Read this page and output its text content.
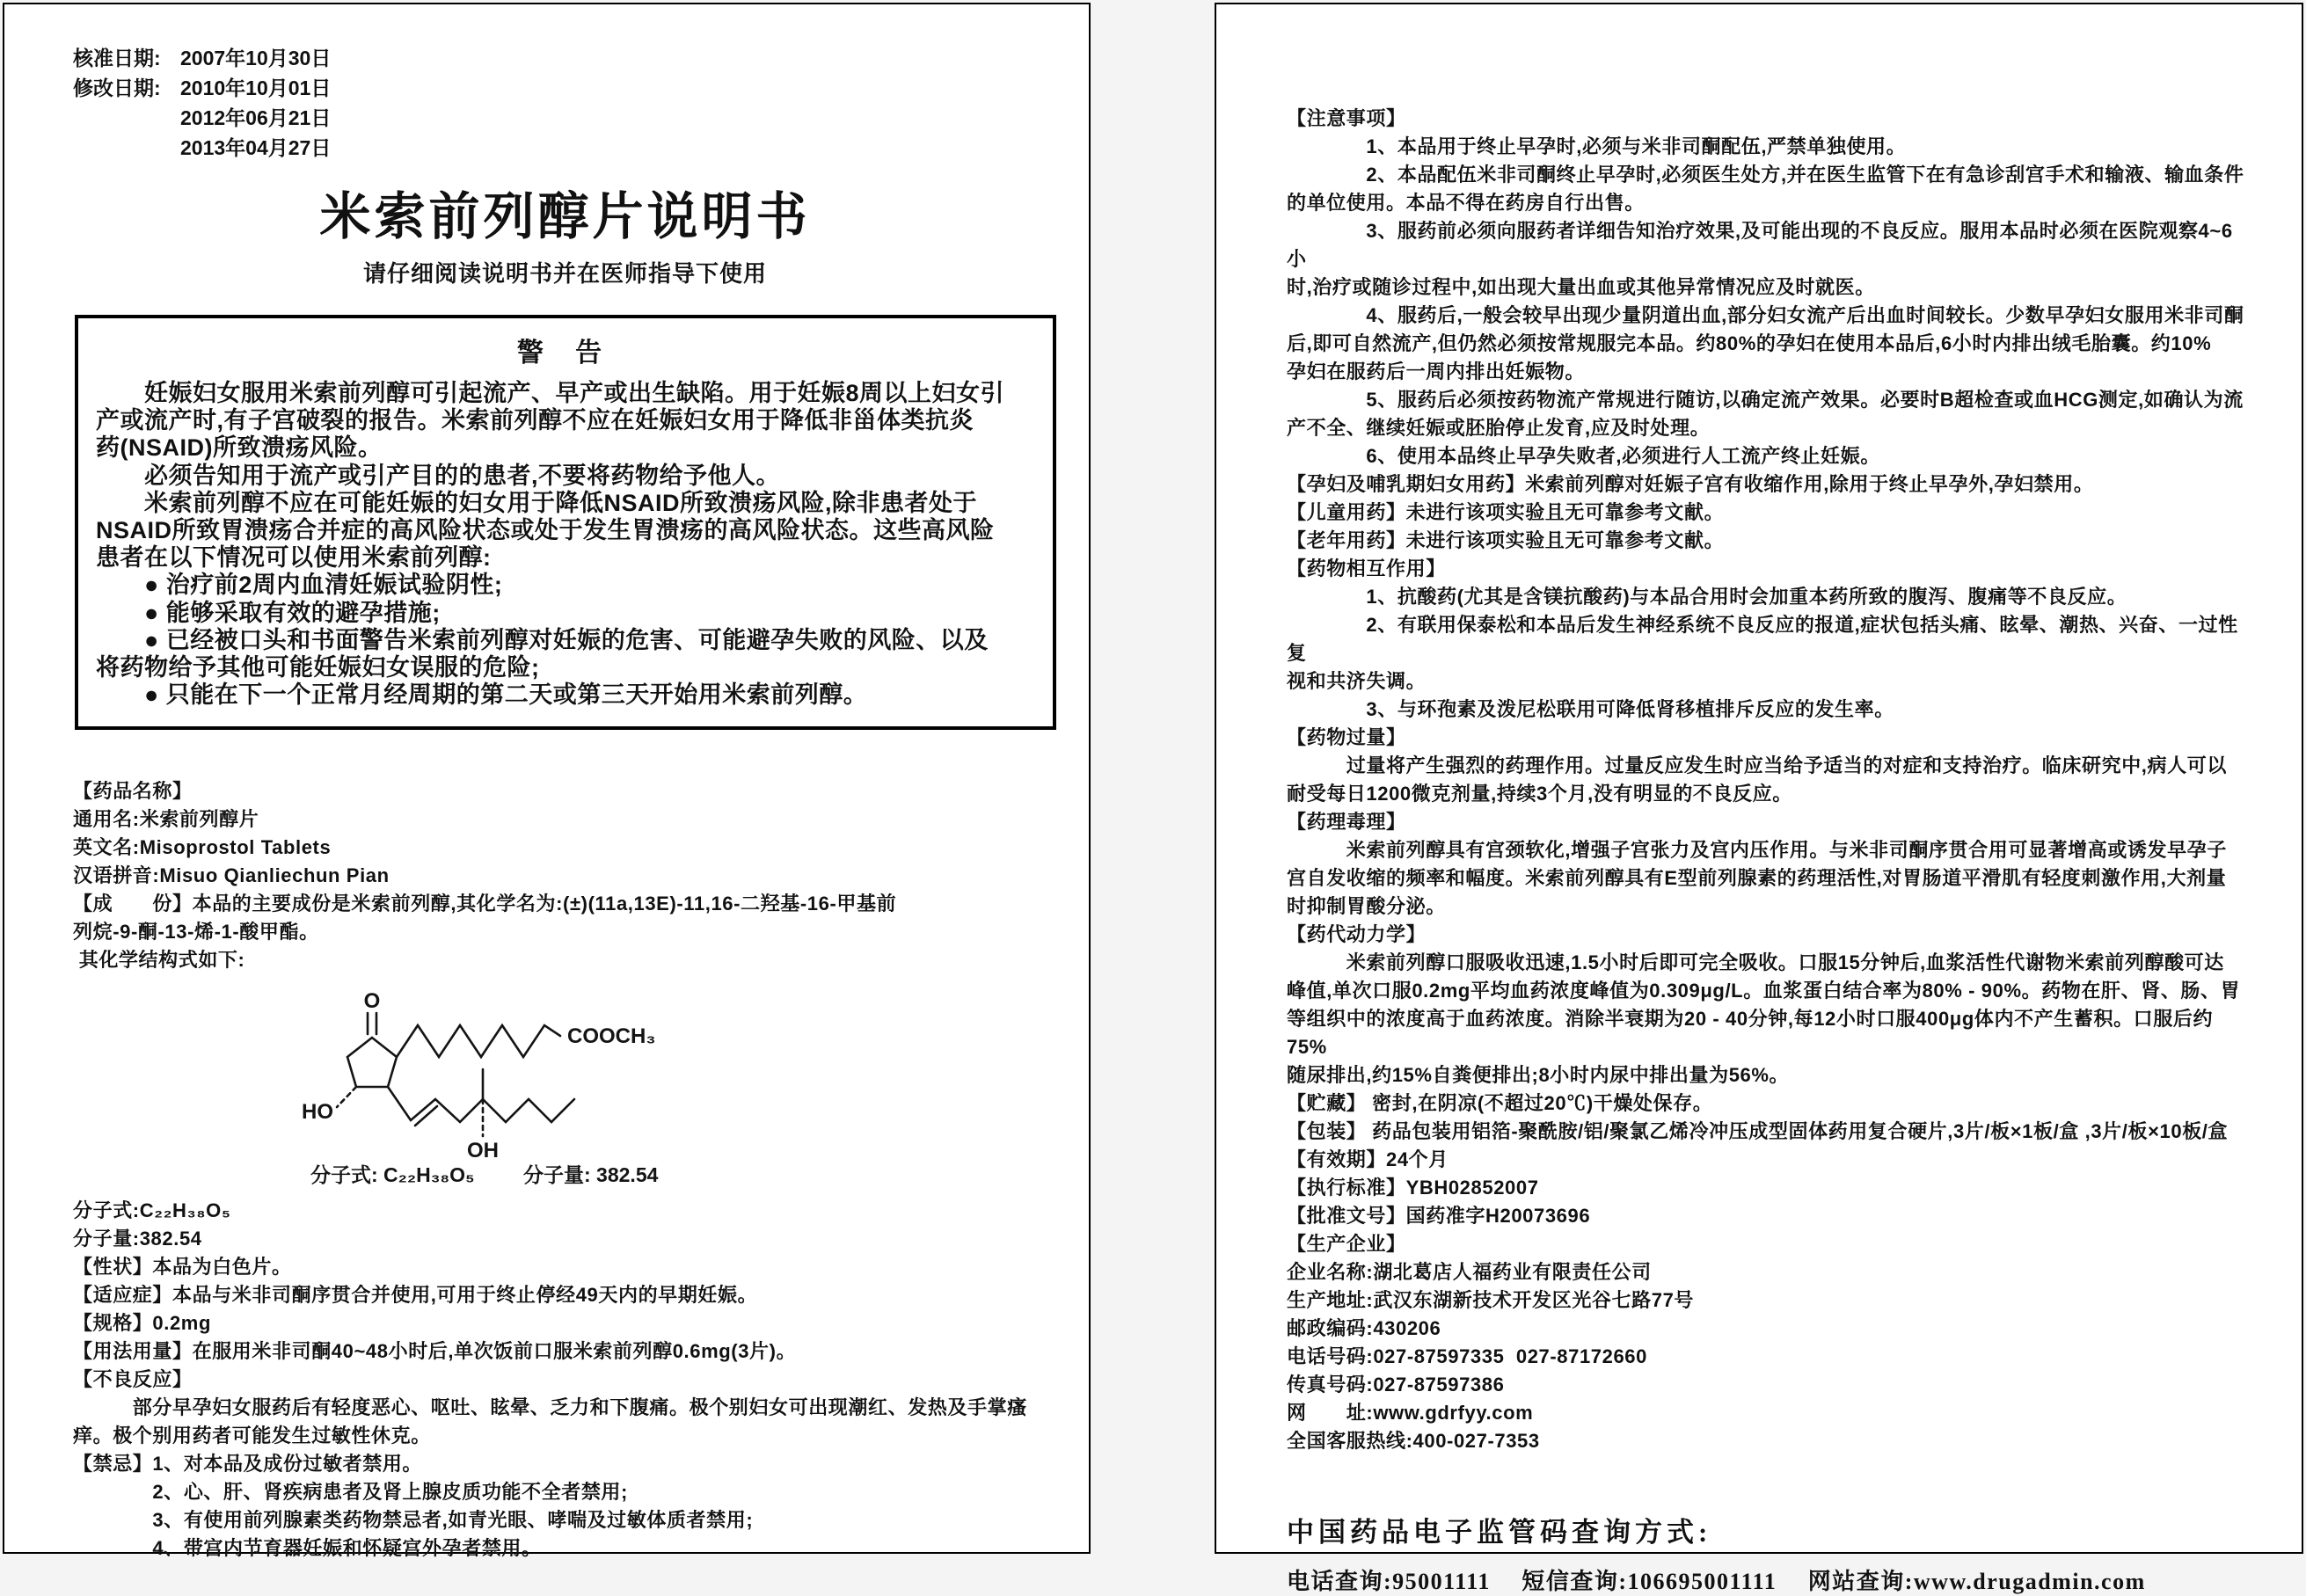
核准日期: 2007年10月30日
修改日期: 2010年10月01日
2012年06月21日
2013年04月27日
米索前列醇片说明书
请仔细阅读说明书并在医师指导下使用
警 告
　　妊娠妇女服用米索前列醇可引起流产、早产或出生缺陷。用于妊娠8周以上妇女引
产或流产时,有子宫破裂的报告。米索前列醇不应在妊娠妇女用于降低非甾体类抗炎
药(NSAID)所致溃疡风险。
　　必须告知用于流产或引产目的的患者,不要将药物给予他人。
　　米索前列醇不应在可能妊娠的妇女用于降低NSAID所致溃疡风险,除非患者处于
NSAID所致胃溃疡合并症的高风险状态或处于发生胃溃疡的高风险状态。这些高风险
患者在以下情况可以使用米索前列醇:
　　● 治疗前2周内血清妊娠试验阴性;
　　● 能够采取有效的避孕措施;
　　● 已经被口头和书面警告米索前列醇对妊娠的危害、可能避孕失败的风险、以及
将药物给予其他可能妊娠妇女误服的危险;
　　● 只能在下一个正常月经周期的第二天或第三天开始用米索前列醇。
【药品名称】
通用名:米索前列醇片
英文名:Misoprostol Tablets
汉语拼音:Misuo Qianliechun Pian
【成　　份】本品的主要成份是米索前列醇,其化学名为:(±)(11a,13E)-11,16-二羟基-16-甲基前
列烷-9-酮-13-烯-1-酸甲酯。
其化学结构式如下:
O
COOCH₃
HO
OH
分子式: C₂₂H₃₈O₅ 分子量: 382.54
分子式:C₂₂H₃₈O₅
分子量:382.54
【性状】本品为白色片。
【适应症】本品与米非司酮序贯合并使用,可用于终止停经49天内的早期妊娠。
【规格】0.2mg
【用法用量】在服用米非司酮40~48小时后,单次饭前口服米索前列醇0.6mg(3片)。
【不良反应】
　　　部分早孕妇女服药后有轻度恶心、呕吐、眩晕、乏力和下腹痛。极个别妇女可出现潮红、发热及手掌瘙
痒。极个别用药者可能发生过敏性休克。
【禁忌】1、对本品及成份过敏者禁用。
　　　　2、心、肝、肾疾病患者及肾上腺皮质功能不全者禁用;
　　　　3、有使用前列腺素类药物禁忌者,如青光眼、哮喘及过敏体质者禁用;
　　　　4、带宫内节育器妊娠和怀疑宫外孕者禁用。
【注意事项】
　　　　1、本品用于终止早孕时,必须与米非司酮配伍,严禁单独使用。
　　　　2、本品配伍米非司酮终止早孕时,必须医生处方,并在医生监管下在有急诊刮宫手术和输液、输血条件
的单位使用。本品不得在药房自行出售。
　　　　3、服药前必须向服药者详细告知治疗效果,及可能出现的不良反应。服用本品时必须在医院观察4~6小
时,治疗或随诊过程中,如出现大量出血或其他异常情况应及时就医。
　　　　4、服药后,一般会较早出现少量阴道出血,部分妇女流产后出血时间较长。少数早孕妇女服用米非司酮
后,即可自然流产,但仍然必须按常规服完本品。约80%的孕妇在使用本品后,6小时内排出绒毛胎囊。约10%
孕妇在服药后一周内排出妊娠物。
　　　　5、服药后必须按药物流产常规进行随访,以确定流产效果。必要时B超检查或血HCG测定,如确认为流
产不全、继续妊娠或胚胎停止发育,应及时处理。
　　　　6、使用本品终止早孕失败者,必须进行人工流产终止妊娠。
【孕妇及哺乳期妇女用药】米索前列醇对妊娠子宫有收缩作用,除用于终止早孕外,孕妇禁用。
【儿童用药】未进行该项实验且无可靠参考文献。
【老年用药】未进行该项实验且无可靠参考文献。
【药物相互作用】
　　　　1、抗酸药(尤其是含镁抗酸药)与本品合用时会加重本药所致的腹泻、腹痛等不良反应。
　　　　2、有联用保泰松和本品后发生神经系统不良反应的报道,症状包括头痛、眩晕、潮热、兴奋、一过性复
视和共济失调。
　　　　3、与环孢素及泼尼松联用可降低肾移植排斥反应的发生率。
【药物过量】
　　　过量将产生强烈的药理作用。过量反应发生时应当给予适当的对症和支持治疗。临床研究中,病人可以
耐受每日1200微克剂量,持续3个月,没有明显的不良反应。
【药理毒理】
　　　米索前列醇具有宫颈软化,增强子宫张力及宫内压作用。与米非司酮序贯合用可显著增高或诱发早孕子
宫自发收缩的频率和幅度。米索前列醇具有E型前列腺素的药理活性,对胃肠道平滑肌有轻度刺激作用,大剂量
时抑制胃酸分泌。
【药代动力学】
　　　米索前列醇口服吸收迅速,1.5小时后即可完全吸收。口服15分钟后,血浆活性代谢物米索前列醇酸可达
峰值,单次口服0.2mg平均血药浓度峰值为0.309μg/L。血浆蛋白结合率为80% - 90%。药物在肝、肾、肠、胃
等组织中的浓度高于血药浓度。消除半衰期为20 - 40分钟,每12小时口服400μg体内不产生蓄积。口服后约75%
随尿排出,约15%自粪便排出;8小时内尿中排出量为56%。
【贮藏】 密封,在阴凉(不超过20℃)干燥处保存。
【包装】 药品包装用铝箔-聚酰胺/铝/聚氯乙烯冷冲压成型固体药用复合硬片,3片/板×1板/盒 ,3片/板×10板/盒
【有效期】24个月
【执行标准】YBH02852007
【批准文号】国药准字H20073696
【生产企业】
企业名称:湖北葛店人福药业有限责任公司
生产地址:武汉东湖新技术开发区光谷七路77号
邮政编码:430206
电话号码:027-87597335  027-87172660
传真号码:027-87597386
网　　址:www.gdrfyy.com
全国客服热线:400-027-7353
中国药品电子监管码查询方式:
电话查询:95001111　 短信查询:106695001111　 网站查询:www.drugadmin.com
